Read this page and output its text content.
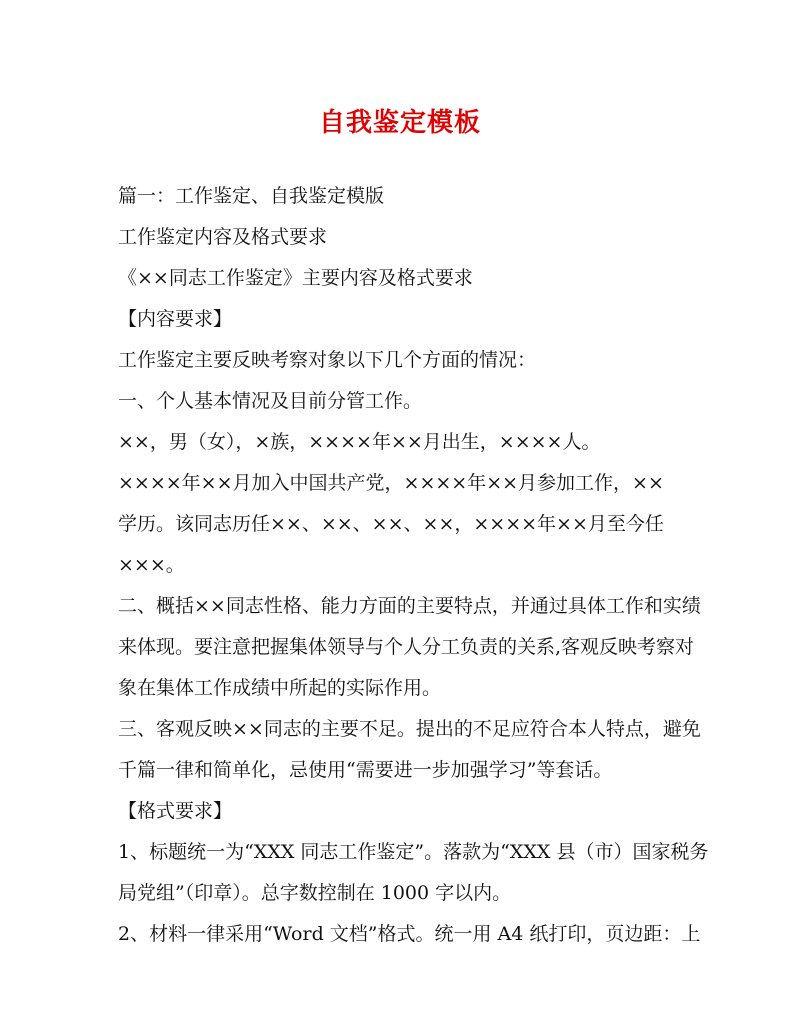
自我鉴定模板
篇一：工作鉴定、自我鉴定模版
工作鉴定内容及格式要求
《××同志工作鉴定》主要内容及格式要求
【内容要求】
工作鉴定主要反映考察对象以下几个方面的情况：
一、个人基本情况及目前分管工作。
××，男（女），×族，××××年××月出生，××××人。
××××年××月加入中国共产党，××××年××月参加工作，××
学历。该同志历任××、××、××、××，××××年××月至今任
×××。
二、概括××同志性格、能力方面的主要特点，并通过具体工作和实绩
来体现。要注意把握集体领导与个人分工负责的关系,客观反映考察对
象在集体工作成绩中所起的实际作用。
三、客观反映××同志的主要不足。提出的不足应符合本人特点，避免
千篇一律和简单化，忌使用“需要进一步加强学习”等套话。
【格式要求】
1、标题统一为“XXX 同志工作鉴定”。落款为“XXX 县（市）国家税务
局党组”（印章）。总字数控制在 1000 字以内。
2、材料一律采用“Word 文档”格式。统一用 A4 纸打印，页边距：上
